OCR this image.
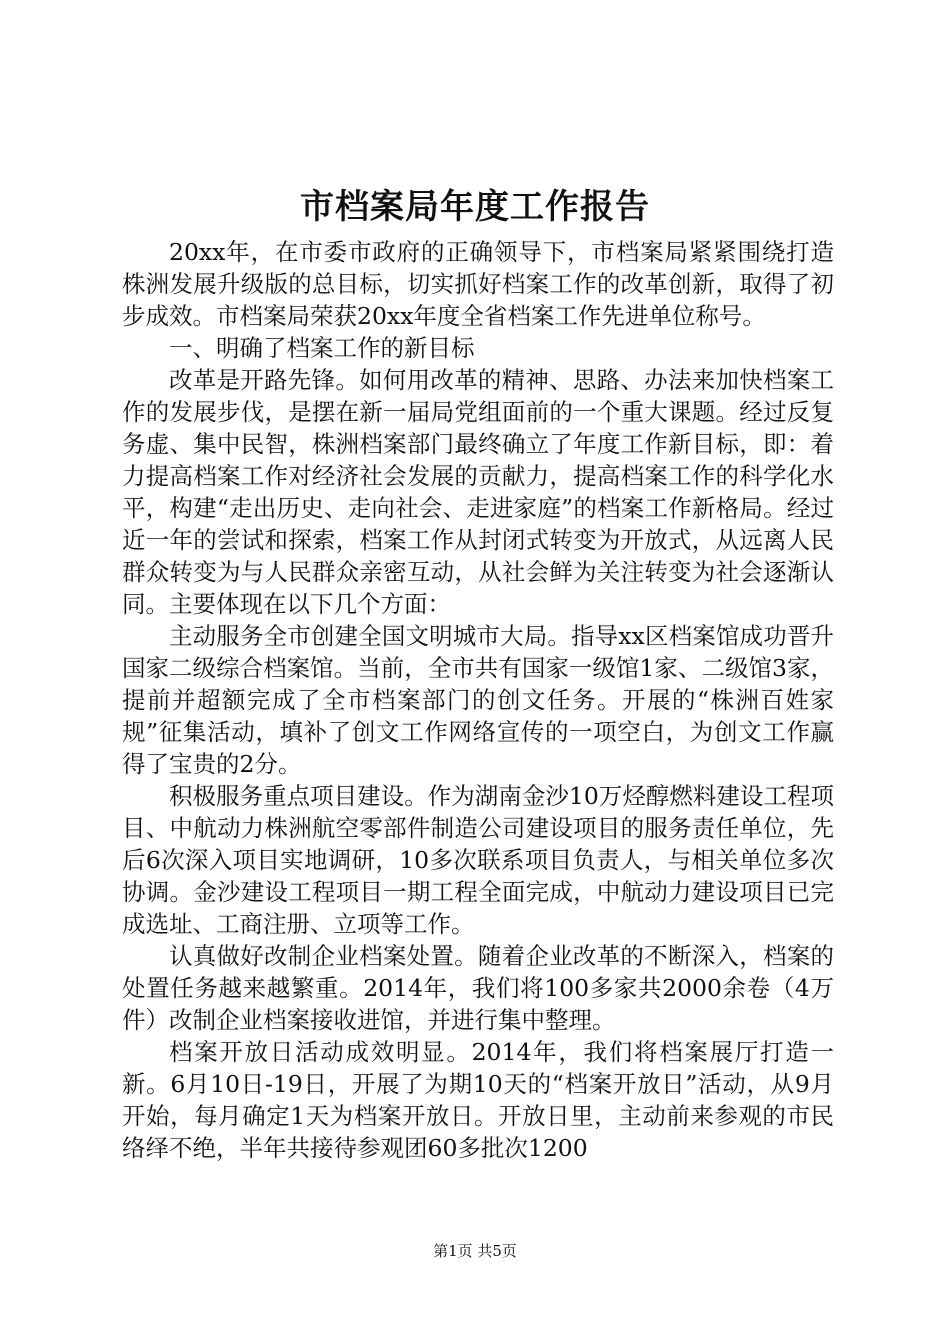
市档案局年度工作报告

20xx年，在市委市政府的正确领导下，市档案局紧紧围绕打造株洲发展升级版的总目标，切实抓好档案工作的改革创新，取得了初步成效。市档案局荣获20xx年度全省档案工作先进单位称号。

一、明确了档案工作的新目标

改革是开路先锋。如何用改革的精神、思路、办法来加快档案工作的发展步伐，是摆在新一届局党组面前的一个重大课题。经过反复务虚、集中民智，株洲档案部门最终确立了年度工作新目标，即：着力提高档案工作对经济社会发展的贡献力，提高档案工作的科学化水平，构建“走出历史、走向社会、走进家庭”的档案工作新格局。经过近一年的尝试和探索，档案工作从封闭式转变为开放式，从远离人民群众转变为与人民群众亲密互动，从社会鲜为关注转变为社会逐渐认同。主要体现在以下几个方面：

主动服务全市创建全国文明城市大局。指导xx区档案馆成功晋升国家二级综合档案馆。当前，全市共有国家一级馆1家、二级馆3家，提前并超额完成了全市档案部门的创文任务。开展的“株洲百姓家规”征集活动，填补了创文工作网络宣传的一项空白，为创文工作赢得了宝贵的2分。

积极服务重点项目建设。作为湖南金沙10万烃醇燃料建设工程项目、中航动力株洲航空零部件制造公司建设项目的服务责任单位，先后6次深入项目实地调研，10多次联系项目负责人，与相关单位多次协调。金沙建设工程项目一期工程全面完成，中航动力建设项目已完成选址、工商注册、立项等工作。

认真做好改制企业档案处置。随着企业改革的不断深入，档案的处置任务越来越繁重。2014年，我们将100多家共2000余卷（4万件）改制企业档案接收进馆，并进行集中整理。

档案开放日活动成效明显。2014年，我们将档案展厅打造一新。6月10日-19日，开展了为期10天的“档案开放日”活动，从9月开始，每月确定1天为档案开放日。开放日里，主动前来参观的市民络绎不绝，半年共接待参观团60多批次1200

第1页 共5页
